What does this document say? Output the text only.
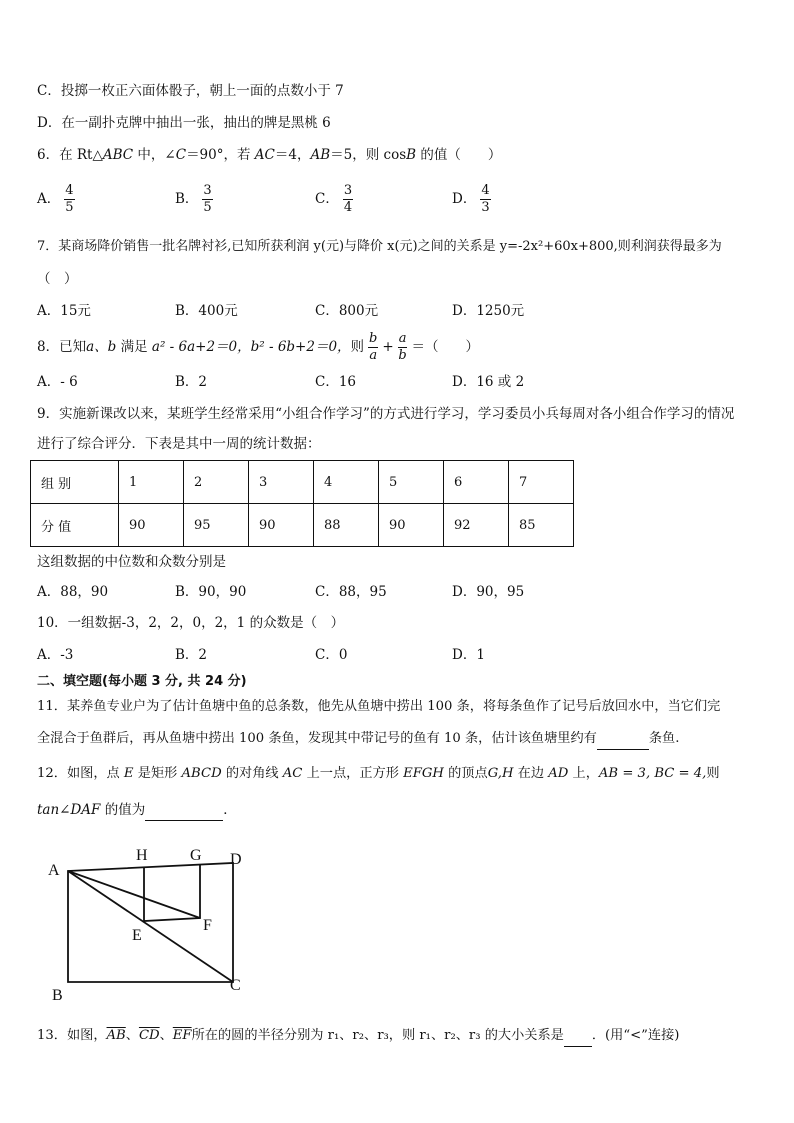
C．投掷一枚正六面体骰子，朝上一面的点数小于 7
D．在一副扑克牌中抽出一张，抽出的牌是黑桃 6
6．在 Rt△ABC 中，∠C＝90°，若 AC＝4，AB＝5，则 cosB 的值（　　）
A． $\frac{4}{5}$	B． $\frac{3}{5}$	C． $\frac{3}{4}$	D． $\frac{4}{3}$
7．某商场降价销售一批名牌衬衫,已知所获利润 y(元)与降价 x(元)之间的关系是 y=-2x²+60x+800,则利润获得最多为
（　）
A．15元	B．400元	C．800元	D．1250元
8．已知a、b 满足 a² - 6a+2＝0，b² - 6b+2＝0，则 $\frac{b}{a} + \frac{a}{b}$ ＝（　　）
A．- 6	B．2	C．16	D．16 或 2
9．实施新课改以来，某班学生经常采用“小组合作学习”的方式进行学习，学习委员小兵每周对各小组合作学习的情况
进行了综合评分．下表是其中一周的统计数据：
组 别	1	2	3	4	5	6	7
分 值	90	95	90	88	90	92	85
这组数据的中位数和众数分别是
A．88，90	B．90，90	C．88，95	D．90，95
10．一组数据-3，2，2，0，2，1 的众数是（　）
A．-3	B．2	C．0	D．1
二、填空题(每小题 3 分, 共 24 分)
11．某养鱼专业户为了估计鱼塘中鱼的总条数，他先从鱼塘中捞出 100 条，将每条鱼作了记号后放回水中，当它们完
全混合于鱼群后，再从鱼塘中捞出 100 条鱼，发现其中带记号的鱼有 10 条，估计该鱼塘里约有	条鱼.
12．如图，点 E 是矩形 ABCD 的对角线 AC 上一点，正方形 EFGH 的顶点G,H 在边 AD 上，AB = 3, BC = 4,则
tan∠DAF 的值为	．
A
B
C
D
E
F
G
H
13．如图，$\overline{AB}$、$\overline{CD}$、$\overline{EF}$所在的圆的半径分别为 r₁、r₂、r₃，则 r₁、r₂、r₃ 的大小关系是 ．(用“<”连接)
